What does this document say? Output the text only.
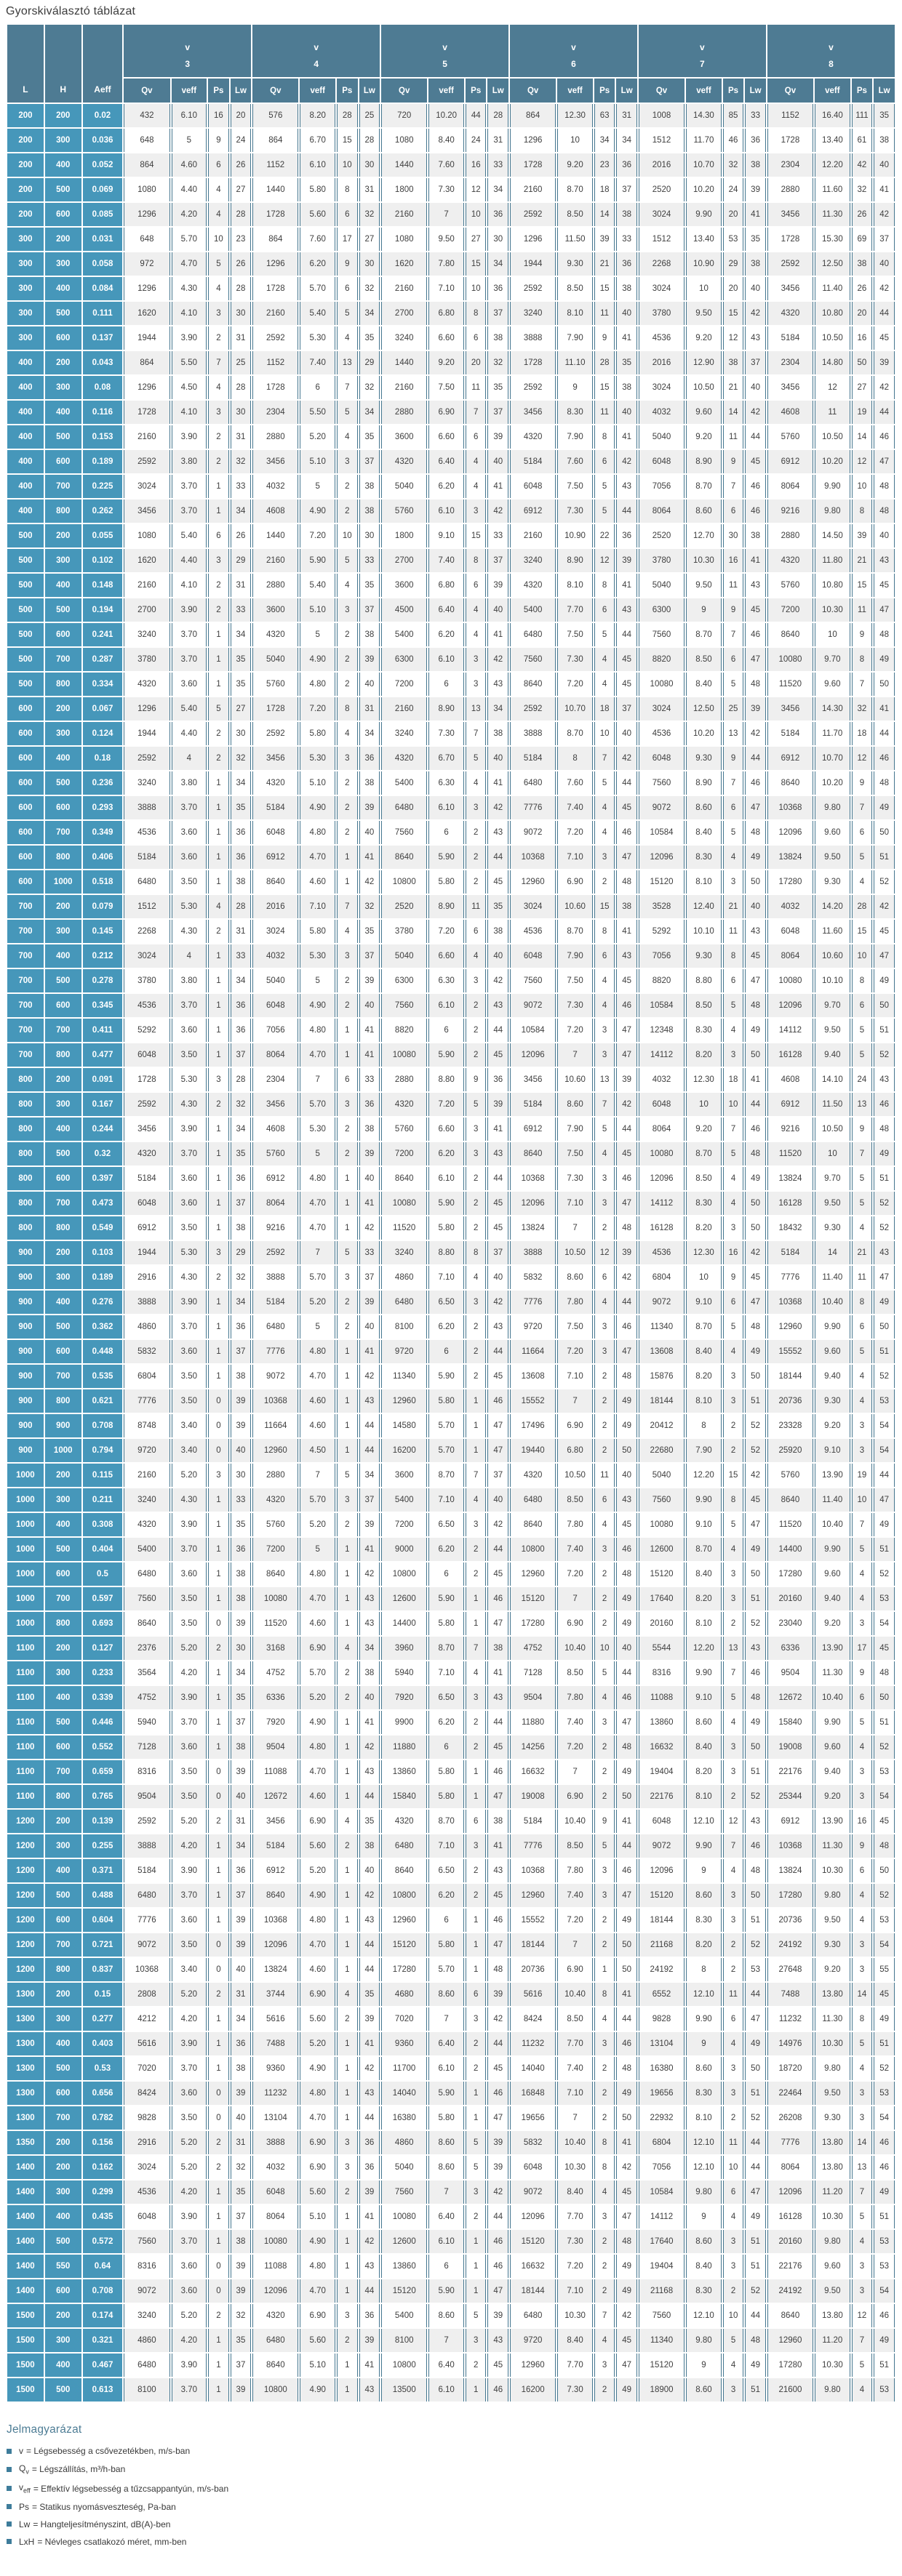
Gyorskiválasztó táblázat
L	H	Aeff	
v
3

v
4

v
5

v
6

v
7

v
8

			Qv	veff	Ps	Lw	Qv	veff	Ps	Lw	Qv	veff	Ps	Lw	Qv	veff	Ps	Lw	Qv	veff	Ps	Lw	Qv	veff	Ps	Lw
200	200	0.02	432	6.10	16	20	576	8.20	28	25	720	10.20	44	28	864	12.30	63	31	1008	14.30	85	33	1152	16.40	111	35
200	300	0.036	648	5	9	24	864	6.70	15	28	1080	8.40	24	31	1296	10	34	34	1512	11.70	46	36	1728	13.40	61	38
200	400	0.052	864	4.60	6	26	1152	6.10	10	30	1440	7.60	16	33	1728	9.20	23	36	2016	10.70	32	38	2304	12.20	42	40
200	500	0.069	1080	4.40	4	27	1440	5.80	8	31	1800	7.30	12	34	2160	8.70	18	37	2520	10.20	24	39	2880	11.60	32	41
200	600	0.085	1296	4.20	4	28	1728	5.60	6	32	2160	7	10	36	2592	8.50	14	38	3024	9.90	20	41	3456	11.30	26	42
300	200	0.031	648	5.70	10	23	864	7.60	17	27	1080	9.50	27	30	1296	11.50	39	33	1512	13.40	53	35	1728	15.30	69	37
300	300	0.058	972	4.70	5	26	1296	6.20	9	30	1620	7.80	15	34	1944	9.30	21	36	2268	10.90	29	38	2592	12.50	38	40
300	400	0.084	1296	4.30	4	28	1728	5.70	6	32	2160	7.10	10	36	2592	8.50	15	38	3024	10	20	40	3456	11.40	26	42
300	500	0.111	1620	4.10	3	30	2160	5.40	5	34	2700	6.80	8	37	3240	8.10	11	40	3780	9.50	15	42	4320	10.80	20	44
300	600	0.137	1944	3.90	2	31	2592	5.30	4	35	3240	6.60	6	38	3888	7.90	9	41	4536	9.20	12	43	5184	10.50	16	45
400	200	0.043	864	5.50	7	25	1152	7.40	13	29	1440	9.20	20	32	1728	11.10	28	35	2016	12.90	38	37	2304	14.80	50	39
400	300	0.08	1296	4.50	4	28	1728	6	7	32	2160	7.50	11	35	2592	9	15	38	3024	10.50	21	40	3456	12	27	42
400	400	0.116	1728	4.10	3	30	2304	5.50	5	34	2880	6.90	7	37	3456	8.30	11	40	4032	9.60	14	42	4608	11	19	44
400	500	0.153	2160	3.90	2	31	2880	5.20	4	35	3600	6.60	6	39	4320	7.90	8	41	5040	9.20	11	44	5760	10.50	14	46
400	600	0.189	2592	3.80	2	32	3456	5.10	3	37	4320	6.40	4	40	5184	7.60	6	42	6048	8.90	9	45	6912	10.20	12	47
400	700	0.225	3024	3.70	1	33	4032	5	2	38	5040	6.20	4	41	6048	7.50	5	43	7056	8.70	7	46	8064	9.90	10	48
400	800	0.262	3456	3.70	1	34	4608	4.90	2	38	5760	6.10	3	42	6912	7.30	5	44	8064	8.60	6	46	9216	9.80	8	48
500	200	0.055	1080	5.40	6	26	1440	7.20	10	30	1800	9.10	15	33	2160	10.90	22	36	2520	12.70	30	38	2880	14.50	39	40
500	300	0.102	1620	4.40	3	29	2160	5.90	5	33	2700	7.40	8	37	3240	8.90	12	39	3780	10.30	16	41	4320	11.80	21	43
500	400	0.148	2160	4.10	2	31	2880	5.40	4	35	3600	6.80	6	39	4320	8.10	8	41	5040	9.50	11	43	5760	10.80	15	45
500	500	0.194	2700	3.90	2	33	3600	5.10	3	37	4500	6.40	4	40	5400	7.70	6	43	6300	9	9	45	7200	10.30	11	47
500	600	0.241	3240	3.70	1	34	4320	5	2	38	5400	6.20	4	41	6480	7.50	5	44	7560	8.70	7	46	8640	10	9	48
500	700	0.287	3780	3.70	1	35	5040	4.90	2	39	6300	6.10	3	42	7560	7.30	4	45	8820	8.50	6	47	10080	9.70	8	49
500	800	0.334	4320	3.60	1	35	5760	4.80	2	40	7200	6	3	43	8640	7.20	4	45	10080	8.40	5	48	11520	9.60	7	50
600	200	0.067	1296	5.40	5	27	1728	7.20	8	31	2160	8.90	13	34	2592	10.70	18	37	3024	12.50	25	39	3456	14.30	32	41
600	300	0.124	1944	4.40	2	30	2592	5.80	4	34	3240	7.30	7	38	3888	8.70	10	40	4536	10.20	13	42	5184	11.70	18	44
600	400	0.18	2592	4	2	32	3456	5.30	3	36	4320	6.70	5	40	5184	8	7	42	6048	9.30	9	44	6912	10.70	12	46
600	500	0.236	3240	3.80	1	34	4320	5.10	2	38	5400	6.30	4	41	6480	7.60	5	44	7560	8.90	7	46	8640	10.20	9	48
600	600	0.293	3888	3.70	1	35	5184	4.90	2	39	6480	6.10	3	42	7776	7.40	4	45	9072	8.60	6	47	10368	9.80	7	49
600	700	0.349	4536	3.60	1	36	6048	4.80	2	40	7560	6	2	43	9072	7.20	4	46	10584	8.40	5	48	12096	9.60	6	50
600	800	0.406	5184	3.60	1	36	6912	4.70	1	41	8640	5.90	2	44	10368	7.10	3	47	12096	8.30	4	49	13824	9.50	5	51
600	1000	0.518	6480	3.50	1	38	8640	4.60	1	42	10800	5.80	2	45	12960	6.90	2	48	15120	8.10	3	50	17280	9.30	4	52
700	200	0.079	1512	5.30	4	28	2016	7.10	7	32	2520	8.90	11	35	3024	10.60	15	38	3528	12.40	21	40	4032	14.20	28	42
700	300	0.145	2268	4.30	2	31	3024	5.80	4	35	3780	7.20	6	38	4536	8.70	8	41	5292	10.10	11	43	6048	11.60	15	45
700	400	0.212	3024	4	1	33	4032	5.30	3	37	5040	6.60	4	40	6048	7.90	6	43	7056	9.30	8	45	8064	10.60	10	47
700	500	0.278	3780	3.80	1	34	5040	5	2	39	6300	6.30	3	42	7560	7.50	4	45	8820	8.80	6	47	10080	10.10	8	49
700	600	0.345	4536	3.70	1	36	6048	4.90	2	40	7560	6.10	2	43	9072	7.30	4	46	10584	8.50	5	48	12096	9.70	6	50
700	700	0.411	5292	3.60	1	36	7056	4.80	1	41	8820	6	2	44	10584	7.20	3	47	12348	8.30	4	49	14112	9.50	5	51
700	800	0.477	6048	3.50	1	37	8064	4.70	1	41	10080	5.90	2	45	12096	7	3	47	14112	8.20	3	50	16128	9.40	5	52
800	200	0.091	1728	5.30	3	28	2304	7	6	33	2880	8.80	9	36	3456	10.60	13	39	4032	12.30	18	41	4608	14.10	24	43
800	300	0.167	2592	4.30	2	32	3456	5.70	3	36	4320	7.20	5	39	5184	8.60	7	42	6048	10	10	44	6912	11.50	13	46
800	400	0.244	3456	3.90	1	34	4608	5.30	2	38	5760	6.60	3	41	6912	7.90	5	44	8064	9.20	7	46	9216	10.50	9	48
800	500	0.32	4320	3.70	1	35	5760	5	2	39	7200	6.20	3	43	8640	7.50	4	45	10080	8.70	5	48	11520	10	7	49
800	600	0.397	5184	3.60	1	36	6912	4.80	1	40	8640	6.10	2	44	10368	7.30	3	46	12096	8.50	4	49	13824	9.70	5	51
800	700	0.473	6048	3.60	1	37	8064	4.70	1	41	10080	5.90	2	45	12096	7.10	3	47	14112	8.30	4	50	16128	9.50	5	52
800	800	0.549	6912	3.50	1	38	9216	4.70	1	42	11520	5.80	2	45	13824	7	2	48	16128	8.20	3	50	18432	9.30	4	52
900	200	0.103	1944	5.30	3	29	2592	7	5	33	3240	8.80	8	37	3888	10.50	12	39	4536	12.30	16	42	5184	14	21	43
900	300	0.189	2916	4.30	2	32	3888	5.70	3	37	4860	7.10	4	40	5832	8.60	6	42	6804	10	9	45	7776	11.40	11	47
900	400	0.276	3888	3.90	1	34	5184	5.20	2	39	6480	6.50	3	42	7776	7.80	4	44	9072	9.10	6	47	10368	10.40	8	49
900	500	0.362	4860	3.70	1	36	6480	5	2	40	8100	6.20	2	43	9720	7.50	3	46	11340	8.70	5	48	12960	9.90	6	50
900	600	0.448	5832	3.60	1	37	7776	4.80	1	41	9720	6	2	44	11664	7.20	3	47	13608	8.40	4	49	15552	9.60	5	51
900	700	0.535	6804	3.50	1	38	9072	4.70	1	42	11340	5.90	2	45	13608	7.10	2	48	15876	8.20	3	50	18144	9.40	4	52
900	800	0.621	7776	3.50	0	39	10368	4.60	1	43	12960	5.80	1	46	15552	7	2	49	18144	8.10	3	51	20736	9.30	4	53
900	900	0.708	8748	3.40	0	39	11664	4.60	1	44	14580	5.70	1	47	17496	6.90	2	49	20412	8	2	52	23328	9.20	3	54
900	1000	0.794	9720	3.40	0	40	12960	4.50	1	44	16200	5.70	1	47	19440	6.80	2	50	22680	7.90	2	52	25920	9.10	3	54
1000	200	0.115	2160	5.20	3	30	2880	7	5	34	3600	8.70	7	37	4320	10.50	11	40	5040	12.20	15	42	5760	13.90	19	44
1000	300	0.211	3240	4.30	1	33	4320	5.70	3	37	5400	7.10	4	40	6480	8.50	6	43	7560	9.90	8	45	8640	11.40	10	47
1000	400	0.308	4320	3.90	1	35	5760	5.20	2	39	7200	6.50	3	42	8640	7.80	4	45	10080	9.10	5	47	11520	10.40	7	49
1000	500	0.404	5400	3.70	1	36	7200	5	1	41	9000	6.20	2	44	10800	7.40	3	46	12600	8.70	4	49	14400	9.90	5	51
1000	600	0.5	6480	3.60	1	38	8640	4.80	1	42	10800	6	2	45	12960	7.20	2	48	15120	8.40	3	50	17280	9.60	4	52
1000	700	0.597	7560	3.50	1	38	10080	4.70	1	43	12600	5.90	1	46	15120	7	2	49	17640	8.20	3	51	20160	9.40	4	53
1000	800	0.693	8640	3.50	0	39	11520	4.60	1	43	14400	5.80	1	47	17280	6.90	2	49	20160	8.10	2	52	23040	9.20	3	54
1100	200	0.127	2376	5.20	2	30	3168	6.90	4	34	3960	8.70	7	38	4752	10.40	10	40	5544	12.20	13	43	6336	13.90	17	45
1100	300	0.233	3564	4.20	1	34	4752	5.70	2	38	5940	7.10	4	41	7128	8.50	5	44	8316	9.90	7	46	9504	11.30	9	48
1100	400	0.339	4752	3.90	1	35	6336	5.20	2	40	7920	6.50	3	43	9504	7.80	4	46	11088	9.10	5	48	12672	10.40	6	50
1100	500	0.446	5940	3.70	1	37	7920	4.90	1	41	9900	6.20	2	44	11880	7.40	3	47	13860	8.60	4	49	15840	9.90	5	51
1100	600	0.552	7128	3.60	1	38	9504	4.80	1	42	11880	6	2	45	14256	7.20	2	48	16632	8.40	3	50	19008	9.60	4	52
1100	700	0.659	8316	3.50	0	39	11088	4.70	1	43	13860	5.80	1	46	16632	7	2	49	19404	8.20	3	51	22176	9.40	3	53
1100	800	0.765	9504	3.50	0	40	12672	4.60	1	44	15840	5.80	1	47	19008	6.90	2	50	22176	8.10	2	52	25344	9.20	3	54
1200	200	0.139	2592	5.20	2	31	3456	6.90	4	35	4320	8.70	6	38	5184	10.40	9	41	6048	12.10	12	43	6912	13.90	16	45
1200	300	0.255	3888	4.20	1	34	5184	5.60	2	38	6480	7.10	3	41	7776	8.50	5	44	9072	9.90	7	46	10368	11.30	9	48
1200	400	0.371	5184	3.90	1	36	6912	5.20	1	40	8640	6.50	2	43	10368	7.80	3	46	12096	9	4	48	13824	10.30	6	50
1200	500	0.488	6480	3.70	1	37	8640	4.90	1	42	10800	6.20	2	45	12960	7.40	3	47	15120	8.60	3	50	17280	9.80	4	52
1200	600	0.604	7776	3.60	1	39	10368	4.80	1	43	12960	6	1	46	15552	7.20	2	49	18144	8.30	3	51	20736	9.50	4	53
1200	700	0.721	9072	3.50	0	39	12096	4.70	1	44	15120	5.80	1	47	18144	7	2	50	21168	8.20	2	52	24192	9.30	3	54
1200	800	0.837	10368	3.40	0	40	13824	4.60	1	44	17280	5.70	1	48	20736	6.90	1	50	24192	8	2	53	27648	9.20	3	55
1300	200	0.15	2808	5.20	2	31	3744	6.90	4	35	4680	8.60	6	39	5616	10.40	8	41	6552	12.10	11	44	7488	13.80	14	45
1300	300	0.277	4212	4.20	1	34	5616	5.60	2	39	7020	7	3	42	8424	8.50	4	44	9828	9.90	6	47	11232	11.30	8	49
1300	400	0.403	5616	3.90	1	36	7488	5.20	1	41	9360	6.40	2	44	11232	7.70	3	46	13104	9	4	49	14976	10.30	5	51
1300	500	0.53	7020	3.70	1	38	9360	4.90	1	42	11700	6.10	2	45	14040	7.40	2	48	16380	8.60	3	50	18720	9.80	4	52
1300	600	0.656	8424	3.60	0	39	11232	4.80	1	43	14040	5.90	1	46	16848	7.10	2	49	19656	8.30	3	51	22464	9.50	3	53
1300	700	0.782	9828	3.50	0	40	13104	4.70	1	44	16380	5.80	1	47	19656	7	2	50	22932	8.10	2	52	26208	9.30	3	54
1350	200	0.156	2916	5.20	2	31	3888	6.90	3	36	4860	8.60	5	39	5832	10.40	8	41	6804	12.10	11	44	7776	13.80	14	46
1400	200	0.162	3024	5.20	2	32	4032	6.90	3	36	5040	8.60	5	39	6048	10.30	8	42	7056	12.10	10	44	8064	13.80	13	46
1400	300	0.299	4536	4.20	1	35	6048	5.60	2	39	7560	7	3	42	9072	8.40	4	45	10584	9.80	6	47	12096	11.20	7	49
1400	400	0.435	6048	3.90	1	37	8064	5.10	1	41	10080	6.40	2	44	12096	7.70	3	47	14112	9	4	49	16128	10.30	5	51
1400	500	0.572	7560	3.70	1	38	10080	4.90	1	42	12600	6.10	1	46	15120	7.30	2	48	17640	8.60	3	51	20160	9.80	4	53
1400	550	0.64	8316	3.60	0	39	11088	4.80	1	43	13860	6	1	46	16632	7.20	2	49	19404	8.40	3	51	22176	9.60	3	53
1400	600	0.708	9072	3.60	0	39	12096	4.70	1	44	15120	5.90	1	47	18144	7.10	2	49	21168	8.30	2	52	24192	9.50	3	54
1500	200	0.174	3240	5.20	2	32	4320	6.90	3	36	5400	8.60	5	39	6480	10.30	7	42	7560	12.10	10	44	8640	13.80	12	46
1500	300	0.321	4860	4.20	1	35	6480	5.60	2	39	8100	7	3	43	9720	8.40	4	45	11340	9.80	5	48	12960	11.20	7	49
1500	400	0.467	6480	3.90	1	37	8640	5.10	1	41	10800	6.40	2	45	12960	7.70	3	47	15120	9	4	49	17280	10.30	5	51
1500	500	0.613	8100	3.70	1	39	10800	4.90	1	43	13500	6.10	1	46	16200	7.30	2	49	18900	8.60	3	51	21600	9.80	4	53
Jelmagyarázat
v = Légsebesség a csővezetékben, m/s-ban
$Q_v$ = Légszállítás, m³/h-ban
$v_{eff}$ = Effektív légsebesség a tűzcsappantyún, m/s-ban
Ps = Statikus nyomásveszteség, Pa-ban
Lw = Hangteljesítményszint, dB(A)-ben
LxH = Névleges csatlakozó méret, mm-ben
